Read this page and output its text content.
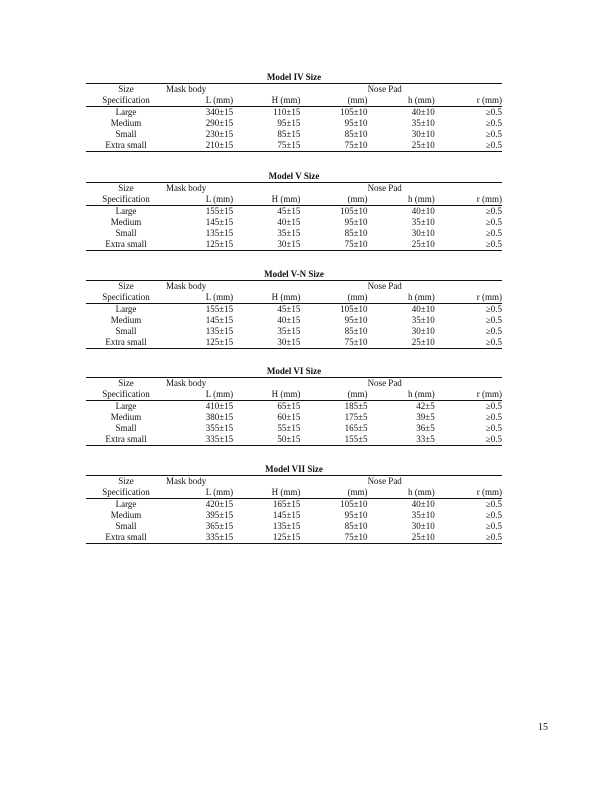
Model IV Size
Size	Mask body			Nose Pad	
Specification	L (mm)	H (mm)	(mm)	h (mm)	r (mm)
Large	340±15	110±15	105±10	40±10	≥0.5
Medium	290±15	95±15	95±10	35±10	≥0.5
Small	230±15	85±15	85±10	30±10	≥0.5
Extra small	210±15	75±15	75±10	25±10	≥0.5
Model V Size
Size	Mask body			Nose Pad	
Specification	L (mm)	H (mm)	(mm)	h (mm)	r (mm)
Large	155±15	45±15	105±10	40±10	≥0.5
Medium	145±15	40±15	95±10	35±10	≥0.5
Small	135±15	35±15	85±10	30±10	≥0.5
Extra small	125±15	30±15	75±10	25±10	≥0.5
Model V-N Size
Size	Mask body			Nose Pad	
Specification	L (mm)	H (mm)	(mm)	h (mm)	r (mm)
Large	155±15	45±15	105±10	40±10	≥0.5
Medium	145±15	40±15	95±10	35±10	≥0.5
Small	135±15	35±15	85±10	30±10	≥0.5
Extra small	125±15	30±15	75±10	25±10	≥0.5
Model VI Size
Size	Mask body			Nose Pad	
Specification	L (mm)	H (mm)	(mm)	h (mm)	r (mm)
Large	410±15	65±15	185±5	42±5	≥0.5
Medium	380±15	60±15	175±5	39±5	≥0.5
Small	355±15	55±15	165±5	36±5	≥0.5
Extra small	335±15	50±15	155±5	33±5	≥0.5
Model VII Size
Size	Mask body			Nose Pad	
Specification	L (mm)	H (mm)	(mm)	h (mm)	r (mm)
Large	420±15	165±15	105±10	40±10	≥0.5
Medium	395±15	145±15	95±10	35±10	≥0.5
Small	365±15	135±15	85±10	30±10	≥0.5
Extra small	335±15	125±15	75±10	25±10	≥0.5
15
